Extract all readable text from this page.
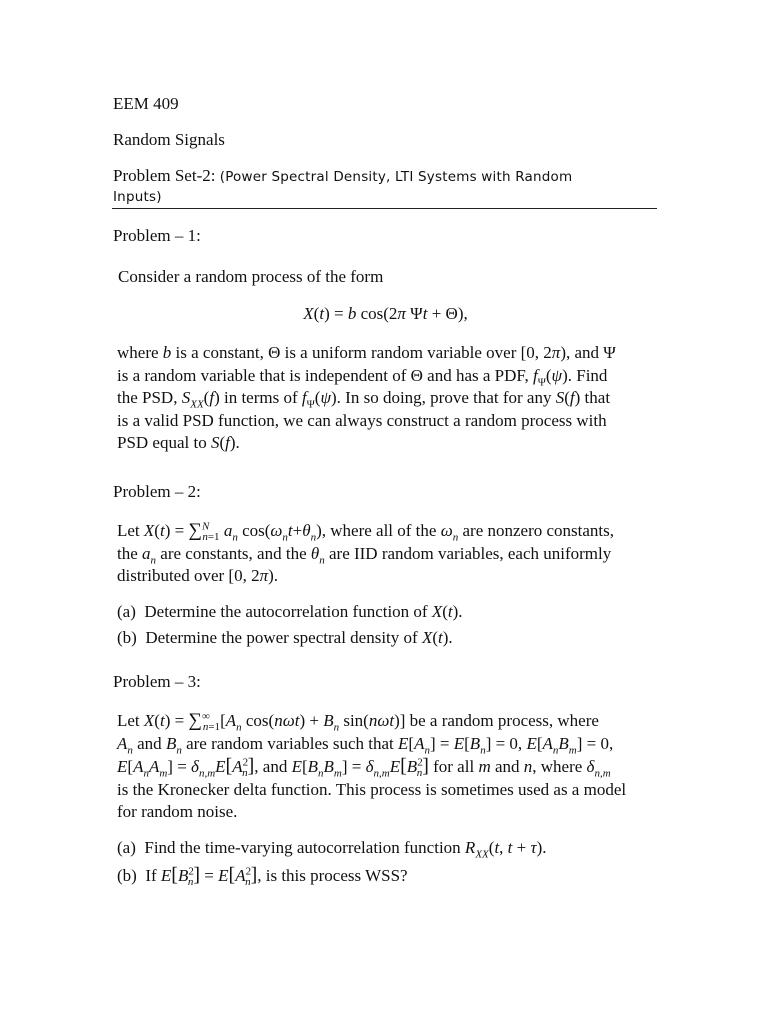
EEM 409
Random Signals
Problem Set-2: (Power Spectral Density, LTI Systems with Random
Inputs)
Problem – 1:
Consider a random process of the form
X(t) = b cos(2π Ψt + Θ),
where b is a constant, Θ is a uniform random variable over [0, 2π), and Ψ
is a random variable that is independent of Θ and has a PDF, $f_\Psi(\psi)$. Find
the PSD, $S_{XX}(f)$ in terms of $f_\Psi(\psi)$. In so doing, prove that for any S(f) that
is a valid PSD function, we can always construct a random process with
PSD equal to S(f).
Problem – 2:
Let X(t) = ∑$^N_{n=1}$ $a_n$ $\cos(\omega_nt+\theta_n)$, where all of the $\omega_n$ are nonzero constants,
the $a_n$ are constants, and the $\theta_n$ are IID random variables, each uniformly
distributed over [0, 2π).
(a)  Determine the autocorrelation function of X(t).
(b)  Determine the power spectral density of X(t).
Problem – 3:
Let $X(t) = \sum^\infty_{n=1}[A_n$ $\cos(n\omega t) + B_n$ sin(nωt)] be a random process, where
$A_n$ and $B_n$ are random variables such that $E[A_n] = E[B_n] = 0$, $E[A_nB_m] = 0$,
$E[A_nA_m] = \delta_{n,m}E[A^2_n]$, and $E[B_nB_m] = \delta_{n,m}E[B^2_n]$ for all m and n, where $\delta_{n,m}$
is the Kronecker delta function. This process is sometimes used as a model
for random noise.
(a)  Find the time-varying autocorrelation function $R_{XX}(t$, t + τ).
(b)  If $E[B^2_n] = E[A^2_n]$, is this process WSS?
